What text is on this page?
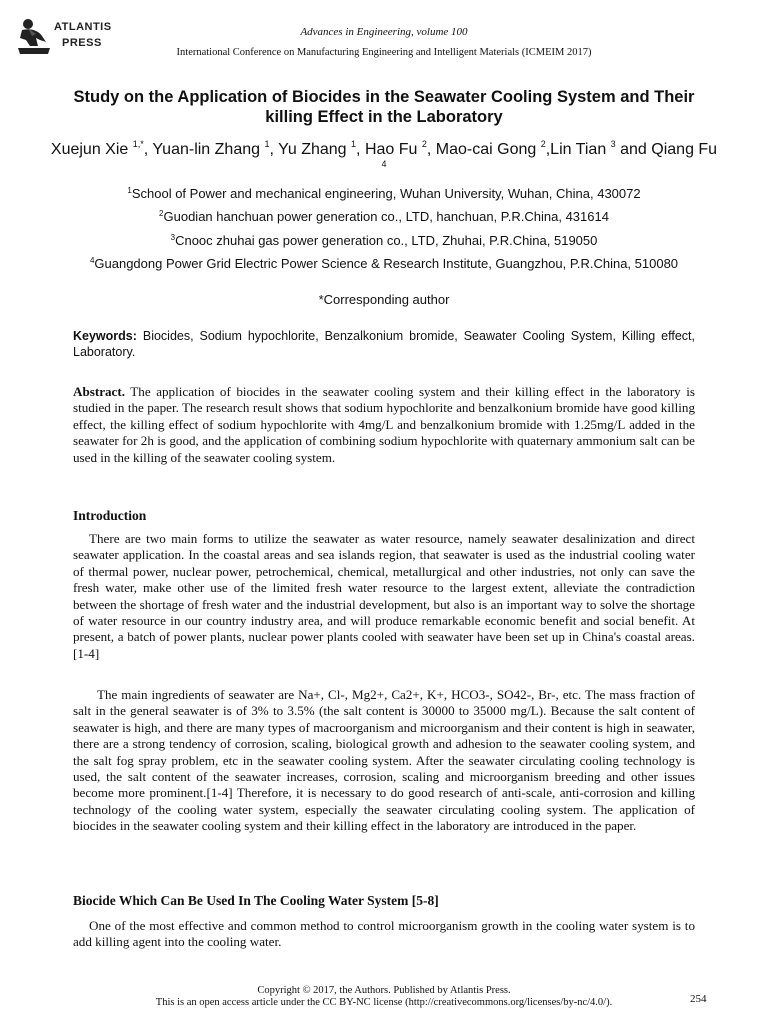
ATLANTIS
PRESS
Advances in Engineering, volume 100
International Conference on Manufacturing Engineering and Intelligent Materials (ICMEIM 2017)
Study on the Application of Biocides in the Seawater Cooling System and Their killing Effect in the Laboratory
Xuejun Xie $^{1,*}$, Yuan-lin Zhang $^1$, Yu Zhang $^1$, Hao Fu $^2$, Mao-cai Gong $^2$,Lin Tian $^3$ and Qiang Fu $^4$
$^1$School of Power and mechanical engineering, Wuhan University, Wuhan, China, 430072
$^2$Guodian hanchuan power generation co., LTD, hanchuan, P.R.China, 431614
$^3$Cnooc zhuhai gas power generation co., LTD, Zhuhai, P.R.China, 519050
$^4$Guangdong Power Grid Electric Power Science & Research Institute, Guangzhou, P.R.China, 510080
*Corresponding author
Keywords: Biocides, Sodium hypochlorite, Benzalkonium bromide, Seawater Cooling System, Killing effect, Laboratory.
Abstract. The application of biocides in the seawater cooling system and their killing effect in the laboratory is studied in the paper. The research result shows that sodium hypochlorite and benzalkonium bromide have good killing effect, the killing effect of sodium hypochlorite with 4mg/L and benzalkonium bromide with 1.25mg/L added in the seawater for 2h is good, and the application of combining sodium hypochlorite with quaternary ammonium salt can be used in the killing of the seawater cooling system.
Introduction
There are two main forms to utilize the seawater as water resource, namely seawater desalinization and direct seawater application. In the coastal areas and sea islands region, that seawater is used as the industrial cooling water of thermal power, nuclear power, petrochemical, chemical, metallurgical and other industries, not only can save the fresh water, make other use of the limited fresh water resource to the largest extent, alleviate the contradiction between the shortage of fresh water and the industrial development, but also is an important way to solve the shortage of water resource in our country industry area, and will produce remarkable economic benefit and social benefit. At present, a batch of power plants, nuclear power plants cooled with seawater have been set up in China's coastal areas.[1-4]
The main ingredients of seawater are Na+, Cl-, Mg2+, Ca2+, K+, HCO3-, SO42-, Br-, etc. The mass fraction of salt in the general seawater is of 3% to 3.5% (the salt content is 30000 to 35000 mg/L). Because the salt content of seawater is high, and there are many types of macroorganism and microorganism and their content is high in seawater, there are a strong tendency of corrosion, scaling, biological growth and adhesion to the seawater cooling system, and the salt fog spray problem, etc in the seawater cooling system. After the seawater circulating cooling technology is used, the salt content of the seawater increases, corrosion, scaling and microorganism breeding and other issues become more prominent.[1-4] Therefore, it is necessary to do good research of anti-scale, anti-corrosion and killing technology of the cooling water system, especially the seawater circulating cooling system. The application of biocides in the seawater cooling system and their killing effect in the laboratory are introduced in the paper.
Biocide Which Can Be Used In The Cooling Water System [5-8]
One of the most effective and common method to control microorganism growth in the cooling water system is to add killing agent into the cooling water.
Copyright © 2017, the Authors. Published by Atlantis Press.
This is an open access article under the CC BY-NC license (http://creativecommons.org/licenses/by-nc/4.0/).	254
